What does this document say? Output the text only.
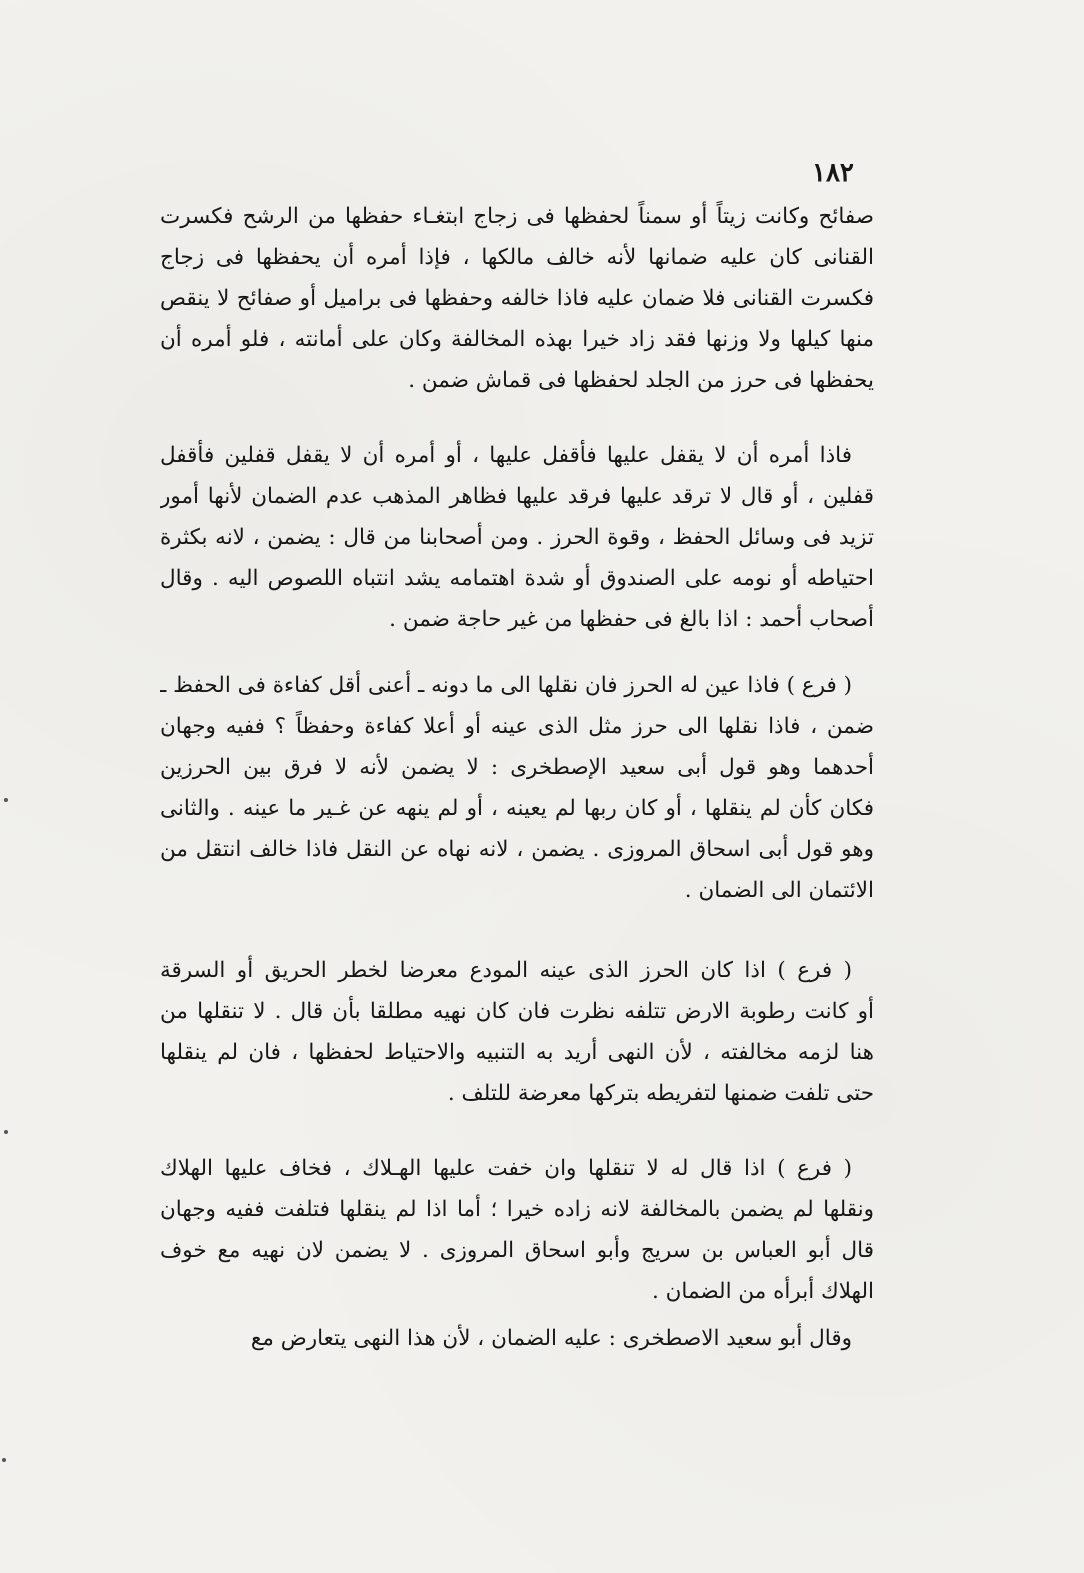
١٨٢
صفائح وكانت زيتاً أو سمناً لحفظها فى زجاج ابتغـاء حفظها من الرشح فكسرت
القنانى كان عليه ضمانها لأنه خالف مالكها ، فإذا أمره أن يحفظها فى زجاج
فكسرت القنانى فلا ضمان عليه فاذا خالفه وحفظها فى براميل أو صفائح لا ينقص
منها كيلها ولا وزنها فقد زاد خيرا بهذه المخالفة وكان على أمانته ، فلو أمره أن
يحفظها فى حرز من الجلد لحفظها فى قماش ضمن .
فاذا أمره أن لا يقفل عليها فأقفل عليها ، أو أمره أن لا يقفل قفلين فأقفل
قفلين ، أو قال لا ترقد عليها فرقد عليها فظاهر المذهب عدم الضمان لأنها أمور
تزيد فى وسائل الحفظ ، وقوة الحرز . ومن أصحابنا من قال : يضمن ، لانه بكثرة
احتياطه أو نومه على الصندوق أو شدة اهتمامه يشد انتباه اللصوص اليه . وقال
أصحاب أحمد : اذا بالغ فى حفظها من غير حاجة ضمن .
( فرع ) فاذا عين له الحرز فان نقلها الى ما دونه ـ أعنى أقل كفاءة فى الحفظ ـ
ضمن ، فاذا نقلها الى حرز مثل الذى عينه أو أعلا كفاءة وحفظاً ؟ ففيه وجهان
أحدهما وهو قول أبى سعيد الإصطخرى : لا يضمن لأنه لا فرق بين الحرزين
فكان كأن لم ينقلها ، أو كان ربها لم يعينه ، أو لم ينهه عن غـير ما عينه . والثانى
وهو قول أبى اسحاق المروزى . يضمن ، لانه نهاه عن النقل فاذا خالف انتقل من
الائتمان الى الضمان .
( فرع ) اذا كان الحرز الذى عينه المودع معرضا لخطر الحريق أو السرقة
أو كانت رطوبة الارض تتلفه نظرت فان كان نهيه مطلقا بأن قال . لا تنقلها من
هنا لزمه مخالفته ، لأن النهى أريد به التنبيه والاحتياط لحفظها ، فان لم ينقلها
حتى تلفت ضمنها لتفريطه بتركها معرضة للتلف .
( فرع ) اذا قال له لا تنقلها وان خفت عليها الهـلاك ، فخاف عليها الهلاك
ونقلها لم يضمن بالمخالفة لانه زاده خيرا ؛ أما اذا لم ينقلها فتلفت ففيه وجهان
قال أبو العباس بن سريج وأبو اسحاق المروزى . لا يضمن لان نهيه مع خوف
الهلاك أبرأه من الضمان .
وقال أبو سعيد الاصطخرى : عليه الضمان ، لأن هذا النهى يتعارض مع
